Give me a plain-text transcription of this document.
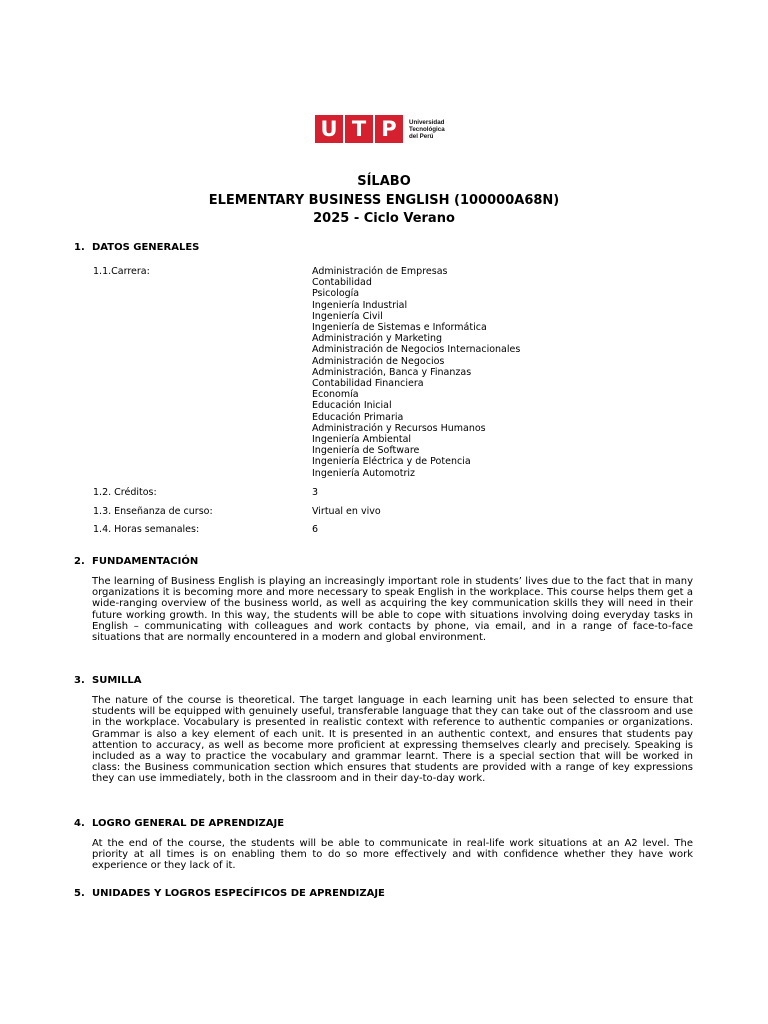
U T P	Universidad
Tecnológica
del Perú
SÍLABO
ELEMENTARY BUSINESS ENGLISH (100000A68N)
2025 - Ciclo Verano
1. DATOS GENERALES
1.1.Carrera:	Administración de Empresas
Contabilidad
Psicología
Ingeniería Industrial
Ingeniería Civil
Ingeniería de Sistemas e Informática
Administración y Marketing
Administración de Negocios Internacionales
Administración de Negocios
Administración, Banca y Finanzas
Contabilidad Financiera
Economía
Educación Inicial
Educación Primaria
Administración y Recursos Humanos
Ingeniería Ambiental
Ingeniería de Software
Ingeniería Eléctrica y de Potencia
Ingeniería Automotriz
1.2. Créditos:	3
1.3. Enseñanza de curso:	Virtual en vivo
1.4. Horas semanales:	6
2. FUNDAMENTACIÓN
The learning of Business English is playing an increasingly important role in students’ lives due to the fact that in many organizations it is becoming more and more necessary to speak English in the workplace. This course helps them get a wide-ranging overview of the business world, as well as acquiring the key communication skills they will need in their future working growth. In this way, the students will be able to cope with situations involving doing everyday tasks in English – communicating with colleagues and work contacts by phone, via email, and in a range of face-to-face situations that are normally encountered in a modern and global environment.
3. SUMILLA
The nature of the course is theoretical. The target language in each learning unit has been selected to ensure that students will be equipped with genuinely useful, transferable language that they can take out of the classroom and use in the workplace. Vocabulary is presented in realistic context with reference to authentic companies or organizations. Grammar is also a key element of each unit. It is presented in an authentic context, and ensures that students pay attention to accuracy, as well as become more proficient at expressing themselves clearly and precisely. Speaking is included as a way to practice the vocabulary and grammar learnt. There is a special section that will be worked in class: the Business communication section which ensures that students are provided with a range of key expressions they can use immediately, both in the classroom and in their day-to-day work.
4. LOGRO GENERAL DE APRENDIZAJE
At the end of the course, the students will be able to communicate in real-life work situations at an A2 level. The priority at all times is on enabling them to do so more effectively and with confidence whether they have work experience or they lack of it.
5. UNIDADES Y LOGROS ESPECÍFICOS DE APRENDIZAJE
